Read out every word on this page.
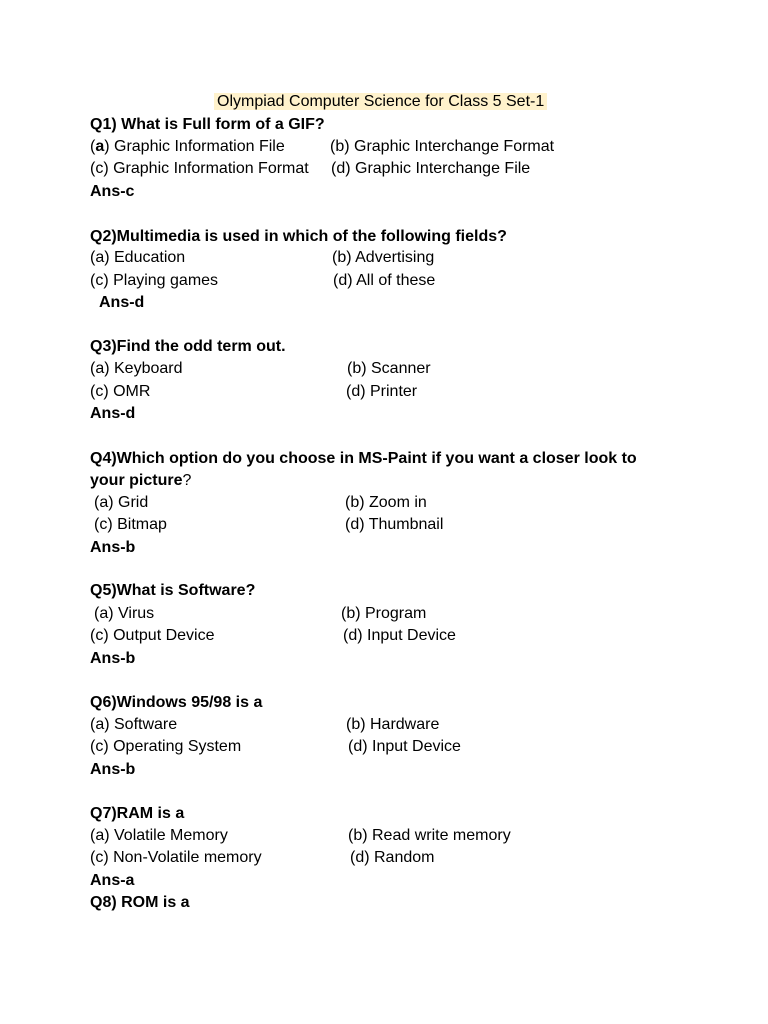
Olympiad Computer Science for Class 5 Set-1
Q1) What is Full form of a GIF?
(a) Graphic Information File	(b) Graphic Interchange Format
(c) Graphic Information Format (d) Graphic Interchange File
Ans-c
Q2)Multimedia is used in which of the following fields?
(a) Education	(b) Advertising
(c) Playing games	(d) All of these
Ans-d
Q3)Find the odd term out.
(a) Keyboard	(b) Scanner
(c) OMR	(d) Printer
Ans-d
Q4)Which option do you choose in MS-Paint if you want a closer look to
your picture?
(a) Grid	(b) Zoom in
(c) Bitmap	(d) Thumbnail
Ans-b
Q5)What is Software?
(a) Virus	(b) Program
(c) Output Device	(d) Input Device
Ans-b
Q6)Windows 95/98 is a
(a) Software	(b) Hardware
(c) Operating System	(d) Input Device
Ans-b
Q7)RAM is a
(a) Volatile Memory	(b) Read write memory
(c) Non-Volatile memory	(d) Random
Ans-a
Q8) ROM is a
